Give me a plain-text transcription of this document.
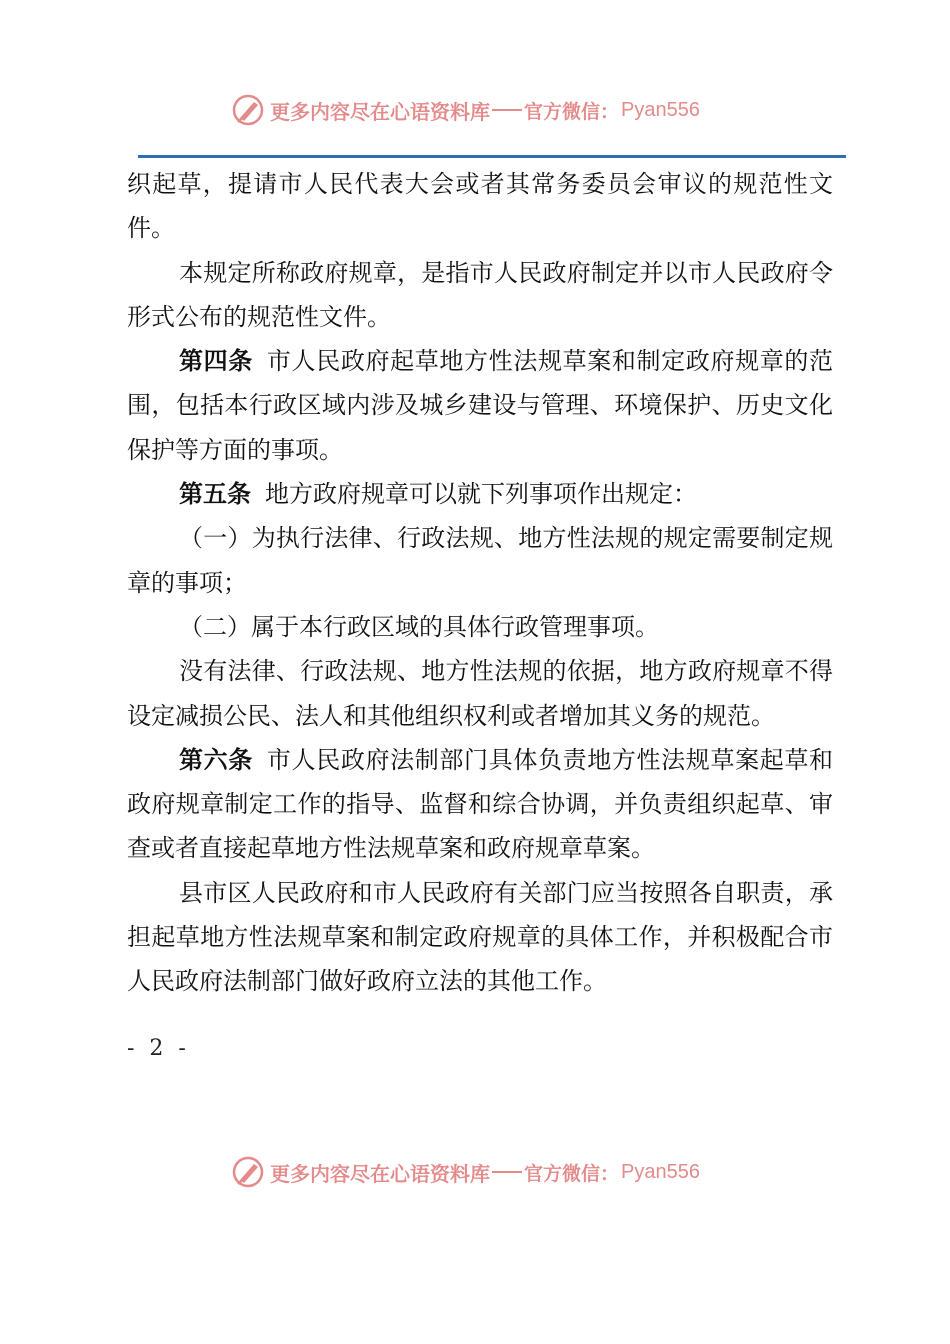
更多内容尽在心语资料库 官方微信： Pyan556

织起草，提请市人民代表大会或者其常务委员会审议的规范性文件。

本规定所称政府规章，是指市人民政府制定并以市人民政府令形式公布的规范性文件。

第四条 市人民政府起草地方性法规草案和制定政府规章的范围，包括本行政区域内涉及城乡建设与管理、环境保护、历史文化保护等方面的事项。

第五条 地方政府规章可以就下列事项作出规定：

（一）为执行法律、行政法规、地方性法规的规定需要制定规章的事项；

（二）属于本行政区域的具体行政管理事项。

没有法律、行政法规、地方性法规的依据，地方政府规章不得设定减损公民、法人和其他组织权利或者增加其义务的规范。

第六条 市人民政府法制部门具体负责地方性法规草案起草和政府规章制定工作的指导、监督和综合协调，并负责组织起草、审查或者直接起草地方性法规草案和政府规章草案。

县市区人民政府和市人民政府有关部门应当按照各自职责，承担起草地方性法规草案和制定政府规章的具体工作，并积极配合市人民政府法制部门做好政府立法的其他工作。

- 2 -
更多内容尽在心语资料库 官方微信： Pyan556
